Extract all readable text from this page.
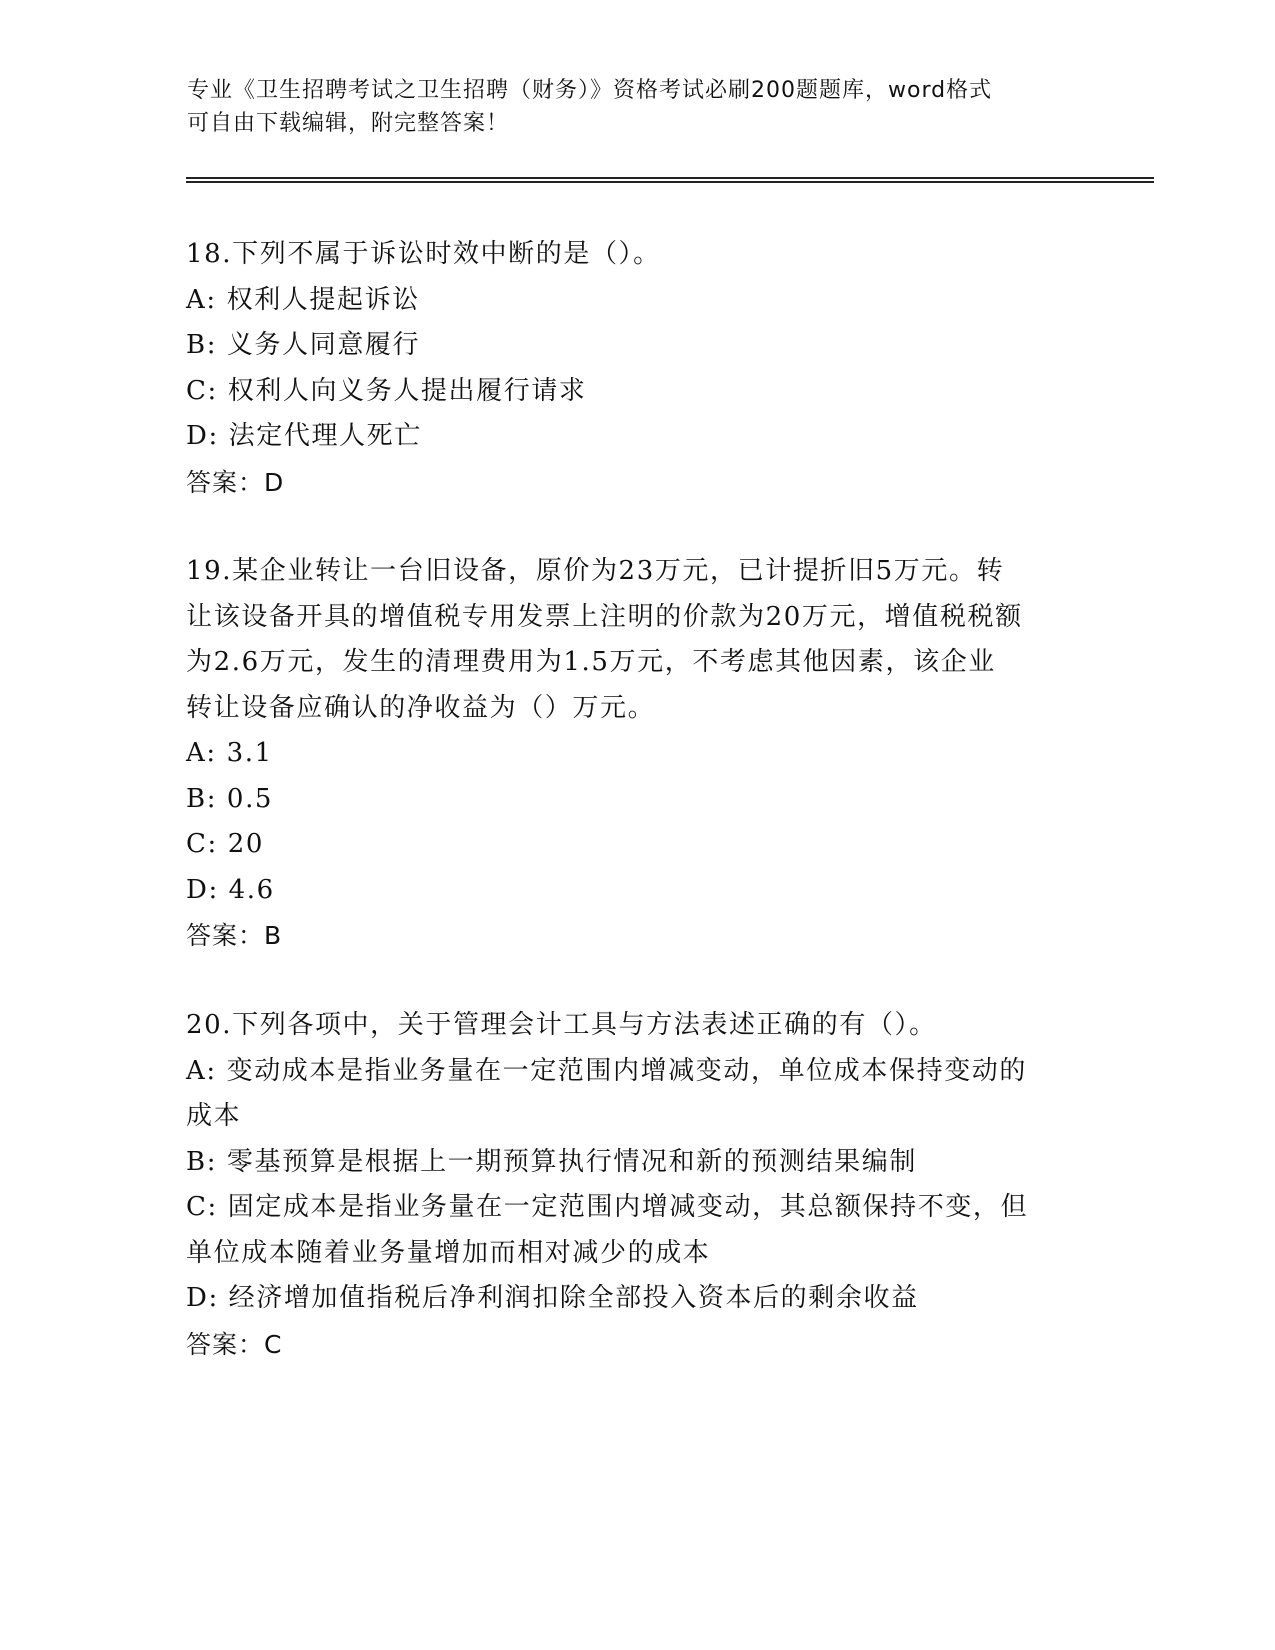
专业《卫生招聘考试之卫生招聘（财务）》资格考试必刷200题题库，word格式
可自由下载编辑，附完整答案！
18.下列不属于诉讼时效中断的是（）。
A: 权利人提起诉讼
B: 义务人同意履行
C: 权利人向义务人提出履行请求
D: 法定代理人死亡
答案：D
19.某企业转让一台旧设备，原价为23万元，已计提折旧5万元。转
让该设备开具的增值税专用发票上注明的价款为20万元，增值税税额
为2.6万元，发生的清理费用为1.5万元，不考虑其他因素，该企业
转让设备应确认的净收益为（）万元。
A: 3.1
B: 0.5
C: 20
D: 4.6
答案：B
20.下列各项中，关于管理会计工具与方法表述正确的有（）。
A: 变动成本是指业务量在一定范围内增减变动，单位成本保持变动的
成本
B: 零基预算是根据上一期预算执行情况和新的预测结果编制
C: 固定成本是指业务量在一定范围内增减变动，其总额保持不变，但
单位成本随着业务量增加而相对减少的成本
D: 经济增加值指税后净利润扣除全部投入资本后的剩余收益
答案：C
